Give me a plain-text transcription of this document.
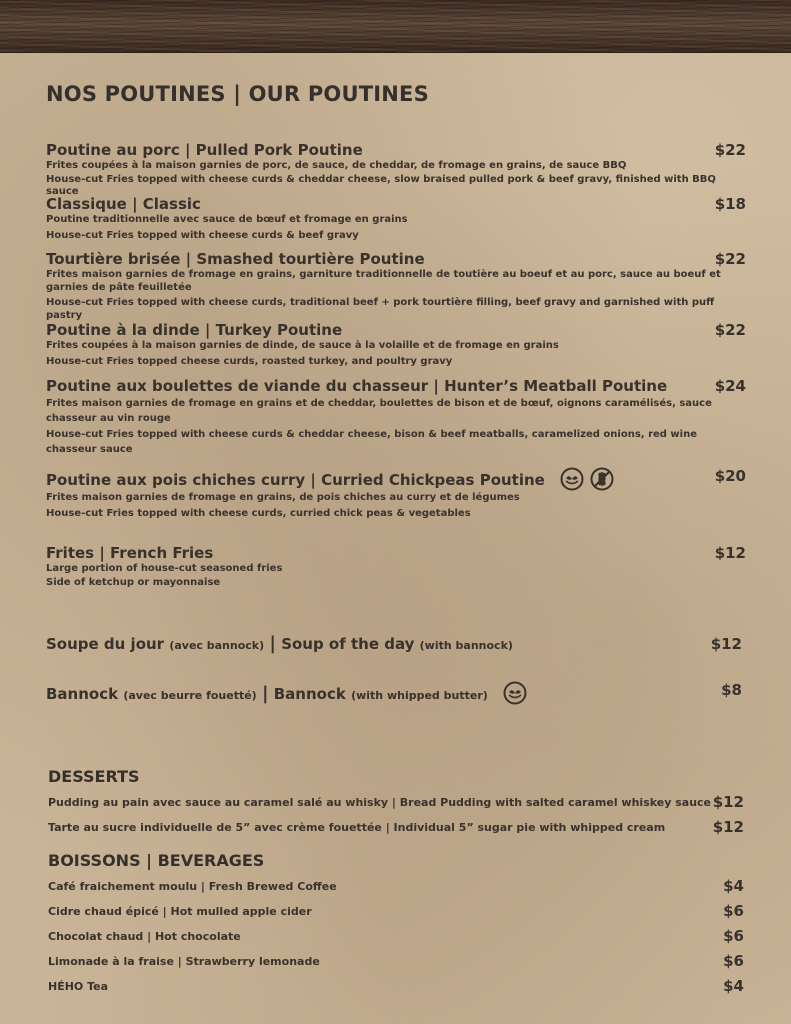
NOS POUTINES | OUR POUTINES
Poutine au porc | Pulled Pork Poutine	$22
Frites coupées à la maison garnies de porc, de sauce, de cheddar, de fromage en grains, de sauce BBQ
House-cut Fries topped with cheese curds & cheddar cheese, slow braised pulled pork & beef gravy, finished with BBQ sauce
Classique | Classic	$18
Poutine traditionnelle avec sauce de bœuf et fromage en grains
House-cut Fries topped with cheese curds & beef gravy
Tourtière brisée | Smashed tourtière Poutine	$22
Frites maison garnies de fromage en grains, garniture traditionnelle de toutière au boeuf et au porc, sauce au boeuf et garnies de pâte feuilletée
House-cut Fries topped with cheese curds, traditional beef + pork tourtière filling, beef gravy and garnished with puff pastry
Poutine à la dinde | Turkey Poutine	$22
Frites coupées à la maison garnies de dinde, de sauce à la volaille et de fromage en grains
House-cut Fries topped cheese curds, roasted turkey, and poultry gravy
Poutine aux boulettes de viande du chasseur | Hunter’s Meatball Poutine	$24
Frites maison garnies de fromage en grains et de cheddar, boulettes de bison et de bœuf, oignons caramélisés, sauce chasseur au vin rouge
House-cut Fries topped with cheese curds & cheddar cheese, bison & beef meatballs, caramelized onions, red wine chasseur sauce
Poutine aux pois chiches curry | Curried Chickpeas Poutine	$20
Frites maison garnies de fromage en grains, de pois chiches au curry et de légumes
House-cut Fries topped with cheese curds, curried chick peas & vegetables
Frites | French Fries	$12
Large portion of house-cut seasoned fries
Side of ketchup or mayonnaise
Soupe du jour (avec bannock) | Soup of the day (with bannock)	$12
Bannock (avec beurre fouetté) | Bannock (with whipped butter)	$8
DESSERTS
Pudding au pain avec sauce au caramel salé au whisky | Bread Pudding with salted caramel whiskey sauce $12
Tarte au sucre individuelle de 5” avec crème fouettée | Individual 5” sugar pie with whipped cream	$12
BOISSONS | BEVERAGES
Café fraichement moulu | Fresh Brewed Coffee	$4
Cidre chaud épicé | Hot mulled apple cider	$6
Chocolat chaud | Hot chocolate	$6
Limonade à la fraise | Strawberry lemonade	$6
HÉHO Tea	$4
